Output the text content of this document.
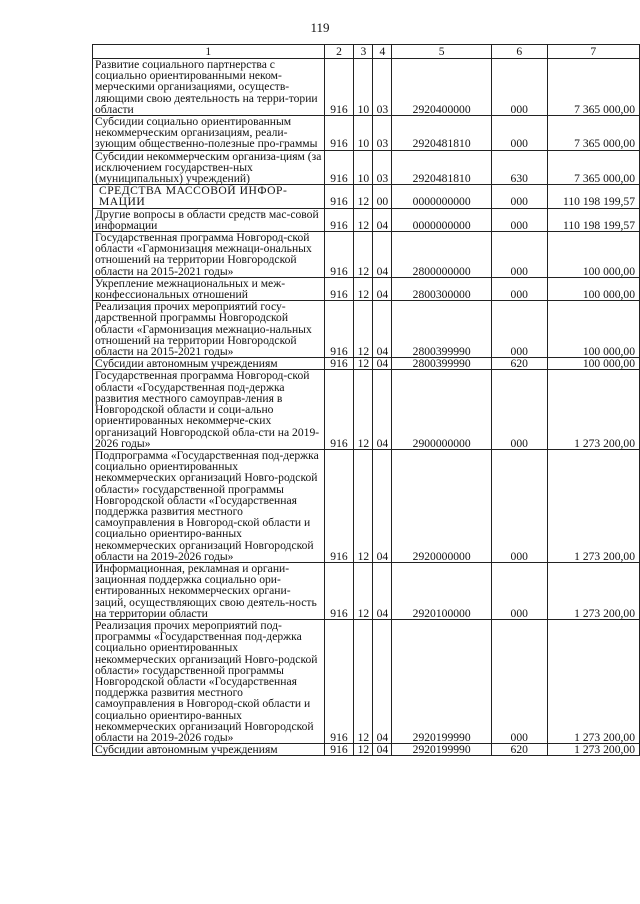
119
1	2	3	4	5	6	7
Развитие социального партнерства с социально ориентированными неком-мерческими организациями, осуществ-ляющими свою деятельность на терри-тории области	916	10	03	2920400000	000	7 365 000,00
Субсидии социально ориентированным некоммерческим организациям, реали-зующим общественно-полезные про-граммы	916	10	03	2920481810	000	7 365 000,00
Субсидии некоммерческим организа-циям (за исключением государствен-ных (муниципальных) учреждений)	916	10	03	2920481810	630	7 365 000,00
СРЕДСТВА МАССОВОЙ ИНФОР-МАЦИИ	916	12	00	0000000000	000	110 198 199,57
Другие вопросы в области средств мас-совой информации	916	12	04	0000000000	000	110 198 199,57
Государственная программа Новгород-ской области «Гармонизация межнаци-ональных отношений на территории Новгородской области на 2015-2021 годы»	916	12	04	2800000000	000	100 000,00
Укрепление межнациональных и меж-конфессиональных отношений	916	12	04	2800300000	000	100 000,00
Реализация прочих мероприятий госу-дарственной программы Новгородской области «Гармонизация межнацио-нальных отношений на территории Новгородской области на 2015-2021 годы»	916	12	04	2800399990	000	100 000,00
Субсидии автономным учреждениям	916	12	04	2800399990	620	100 000,00
Государственная программа Новгород-ской области «Государственная под-держка развития местного самоуправ-ления в Новгородской области и соци-ально ориентированных некоммерче-ских организаций Новгородской обла-сти на 2019-2026 годы»	916	12	04	2900000000	000	1 273 200,00
Подпрограмма «Государственная под-держка социально ориентированных некоммерческих организаций Новго-родской области» государственной программы Новгородской области «Государственная поддержка развития местного самоуправления в Новгород-ской области и социально ориентиро-ванных некоммерческих организаций Новгородской области на 2019-2026 годы»	916	12	04	2920000000	000	1 273 200,00
Информационная, рекламная и органи-зационная поддержка социально ори-ентированных некоммерческих органи-заций, осуществляющих свою деятель-ность на территории области	916	12	04	2920100000	000	1 273 200,00
Реализация прочих мероприятий под-программы «Государственная под-держка социально ориентированных некоммерческих организаций Новго-родской области» государственной программы Новгородской области «Государственная поддержка развития местного самоуправления в Новгород-ской области и социально ориентиро-ванных некоммерческих организаций Новгородской области на 2019-2026 годы»	916	12	04	2920199990	000	1 273 200,00
Субсидии автономным учреждениям	916	12	04	2920199990	620	1 273 200,00
